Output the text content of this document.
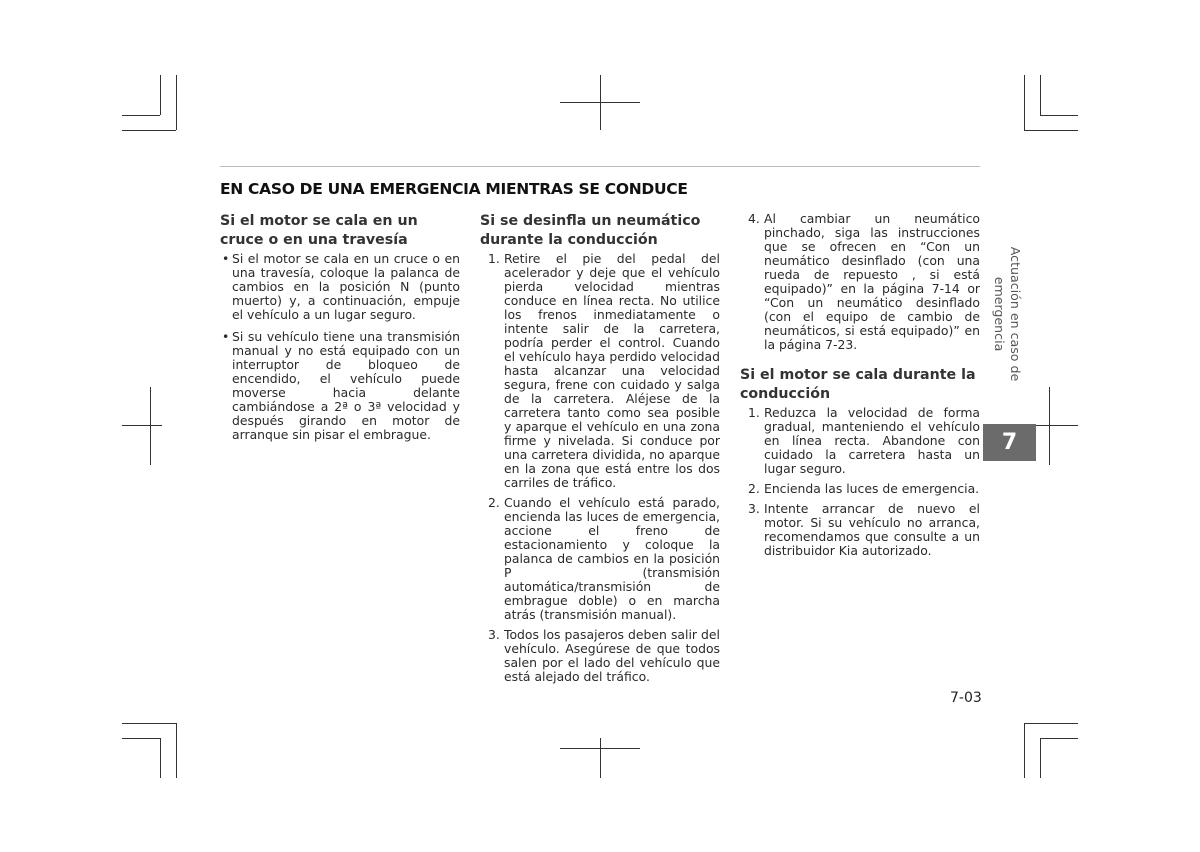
EN CASO DE UNA EMERGENCIA MIENTRAS SE CONDUCE
Si el motor se cala en un cruce o en una travesía
• Si el motor se cala en un cruce o en una travesía, coloque la palanca de cambios en la posición N (punto muerto) y, a continuación, empuje el vehículo a un lugar seguro.
• Si su vehículo tiene una transmisión manual y no está equipado con un interruptor de bloqueo de encendido, el vehículo puede moverse hacia delante cambiándose a 2ª o 3ª velocidad y después girando en motor de arranque sin pisar el embrague.
Si se desinfla un neumático durante la conducción
1. Retire el pie del pedal del acelerador y deje que el vehículo pierda velocidad mientras conduce en línea recta. No utilice los frenos inmediatamente o intente salir de la carretera, podría perder el control. Cuando el vehículo haya perdido velocidad hasta alcanzar una velocidad segura, frene con cuidado y salga de la carretera. Aléjese de la carretera tanto como sea posible y aparque el vehículo en una zona firme y nivelada. Si conduce por una carretera dividida, no aparque en la zona que está entre los dos carriles de tráfico.
2. Cuando el vehículo está parado, encienda las luces de emergencia, accione el freno de estacionamiento y coloque la palanca de cambios en la posición P (transmisión automática/transmisión de embrague doble) o en marcha atrás (transmisión manual).
3. Todos los pasajeros deben salir del vehículo. Asegúrese de que todos salen por el lado del vehículo que está alejado del tráfico.
4. Al cambiar un neumático pinchado, siga las instrucciones que se ofrecen en “Con un neumático desinflado (con una rueda de repuesto , si está equipado)” en la página 7-14 or “Con un neumático desinflado (con el equipo de cambio de neumáticos, si está equipado)” en la página 7-23.
Si el motor se cala durante la conducción
1. Reduzca la velocidad de forma gradual, manteniendo el vehículo en línea recta. Abandone con cuidado la carretera hasta un lugar seguro.
2. Encienda las luces de emergencia.
3. Intente arrancar de nuevo el motor. Si su vehículo no arranca, recomendamos que consulte a un distribuidor Kia autorizado.
Actuación en caso de emergencia
7
7-03
